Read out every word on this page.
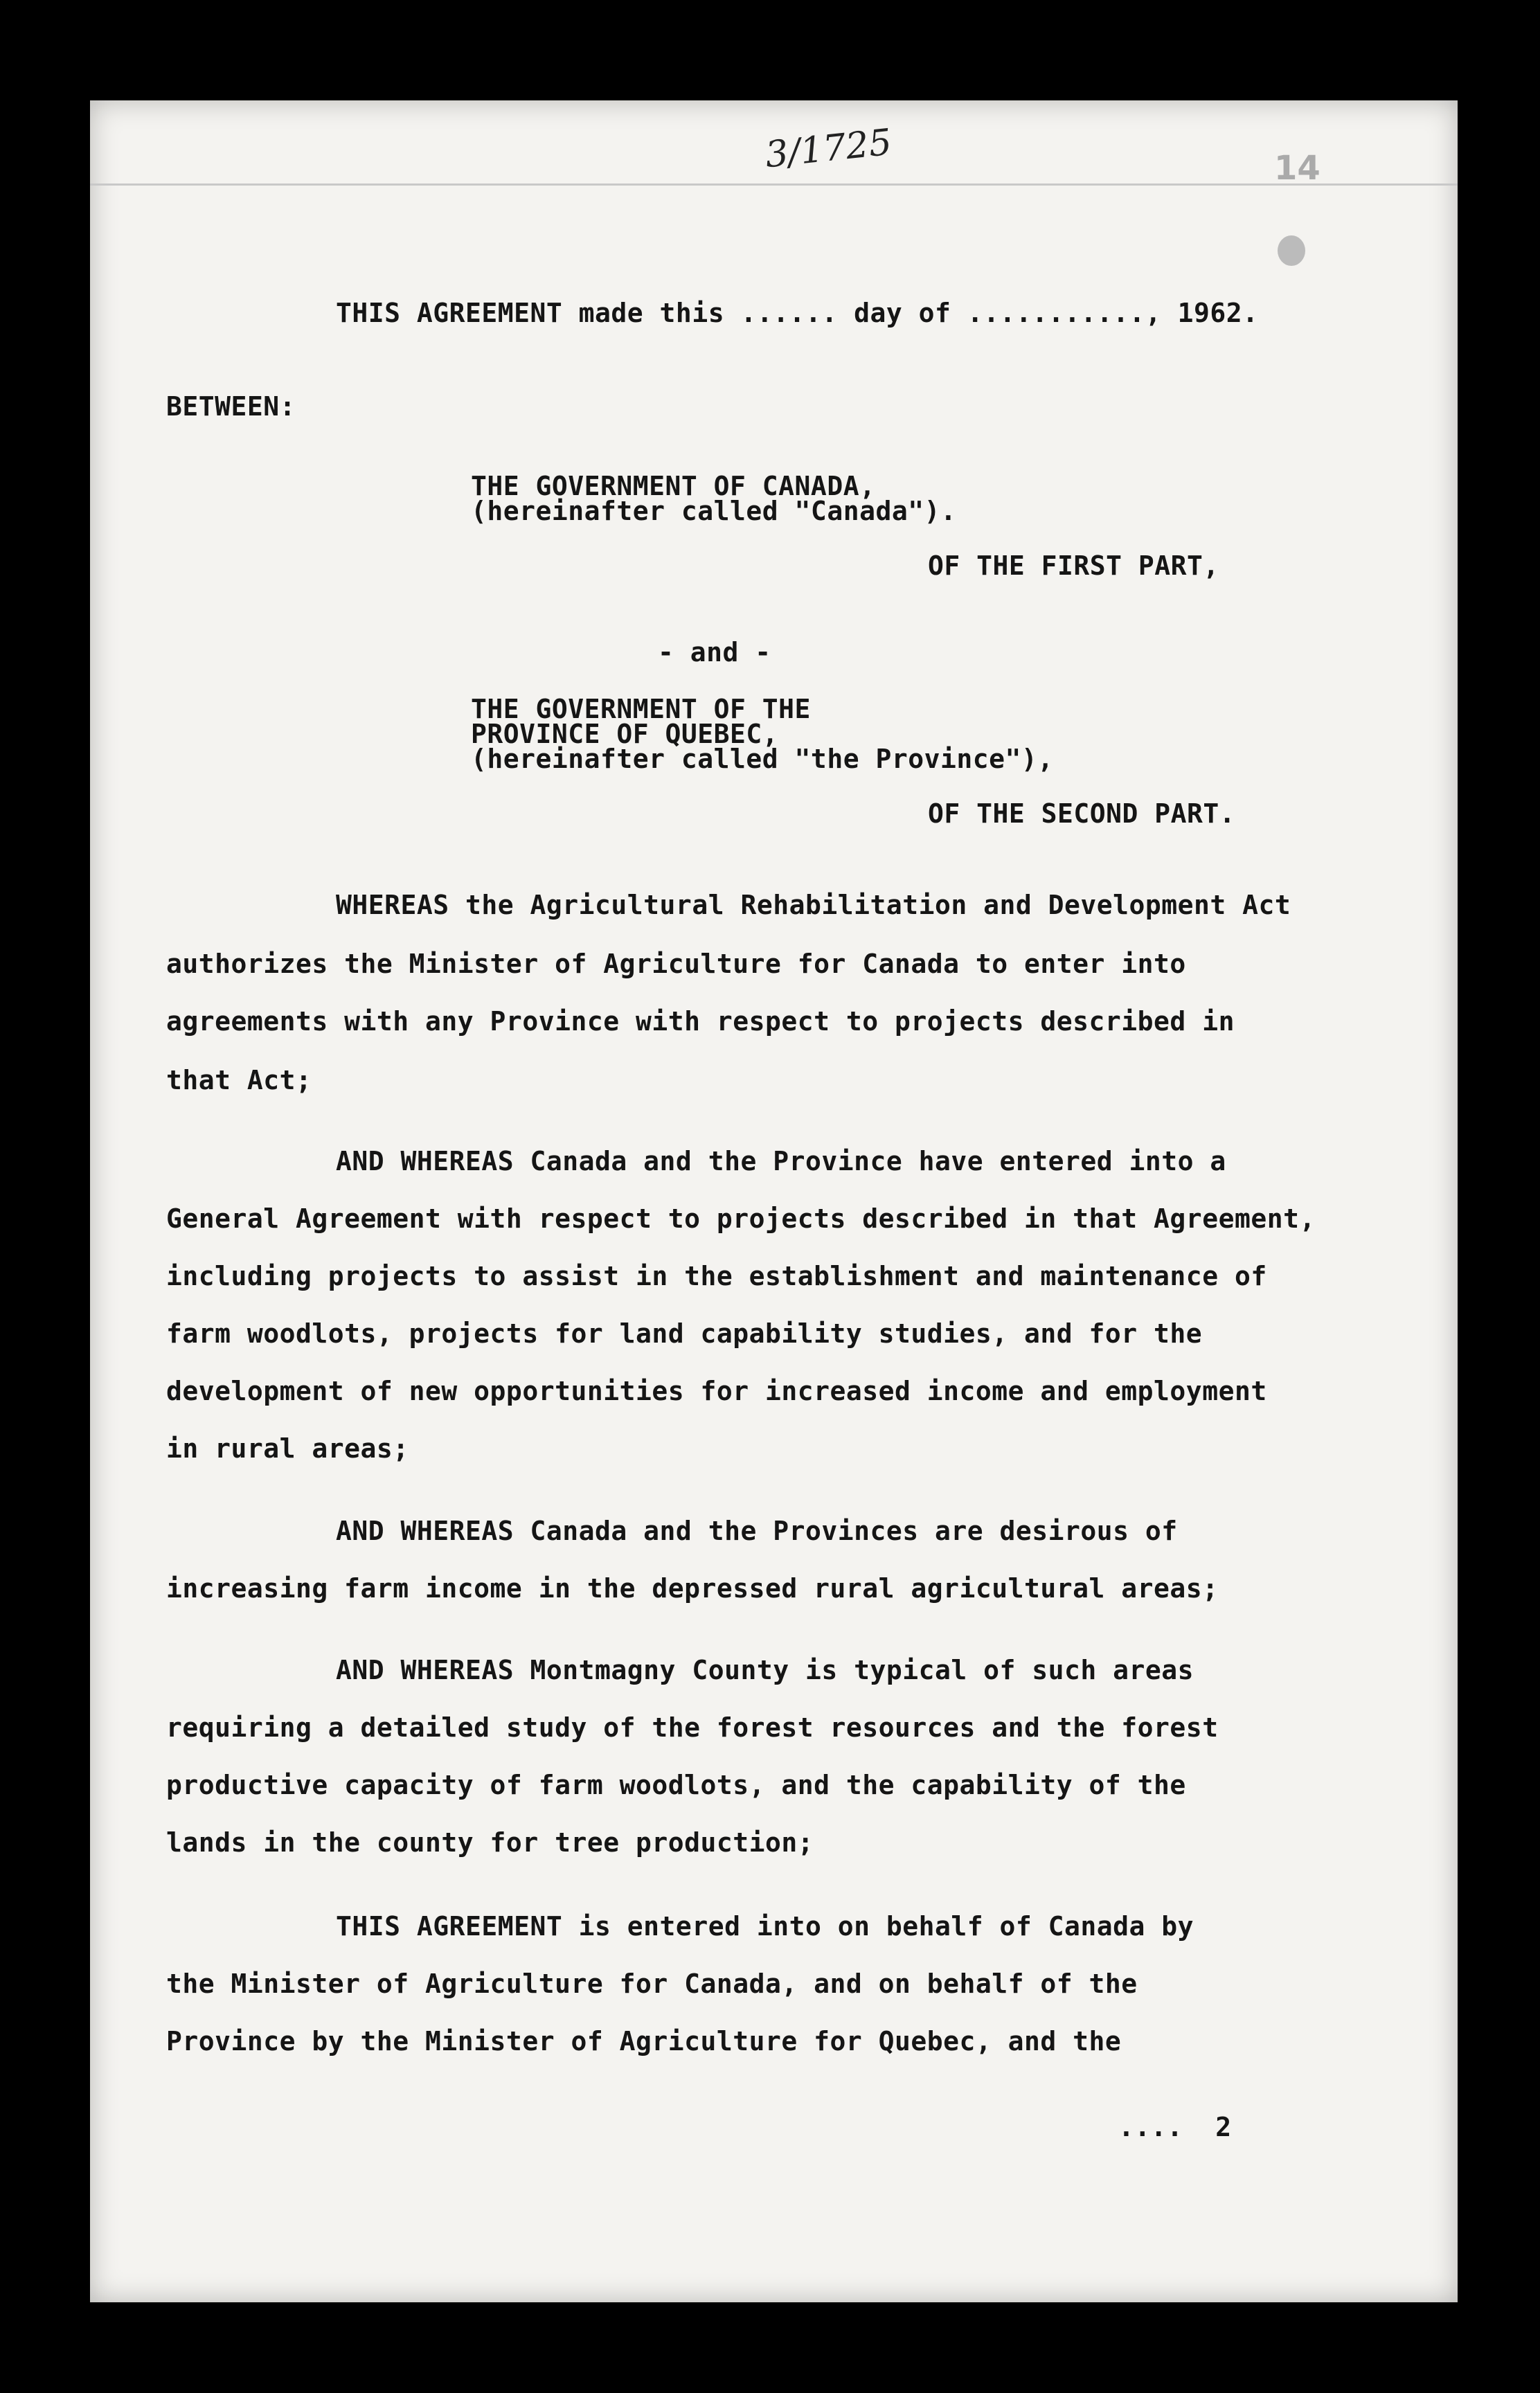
3/1725	14
THIS AGREEMENT made this ...... day of ..........., 1962.
BETWEEN:
THE GOVERNMENT OF CANADA,
(hereinafter called "Canada").
OF THE FIRST PART,
- and -
THE GOVERNMENT OF THE
PROVINCE OF QUEBEC,
(hereinafter called "the Province"),
OF THE SECOND PART.
WHEREAS the Agricultural Rehabilitation and Development Act
authorizes the Minister of Agriculture for Canada to enter into
agreements with any Province with respect to projects described in
that Act;
AND WHEREAS Canada and the Province have entered into a
General Agreement with respect to projects described in that Agreement,
including projects to assist in the establishment and maintenance of
farm woodlots, projects for land capability studies, and for the
development of new opportunities for increased income and employment
in rural areas;
AND WHEREAS Canada and the Provinces are desirous of
increasing farm income in the depressed rural agricultural areas;
AND WHEREAS Montmagny County is typical of such areas
requiring a detailed study of the forest resources and the forest
productive capacity of farm woodlots, and the capability of the
lands in the county for tree production;
THIS AGREEMENT is entered into on behalf of Canada by
the Minister of Agriculture for Canada, and on behalf of the
Province by the Minister of Agriculture for Quebec, and the
....  2
